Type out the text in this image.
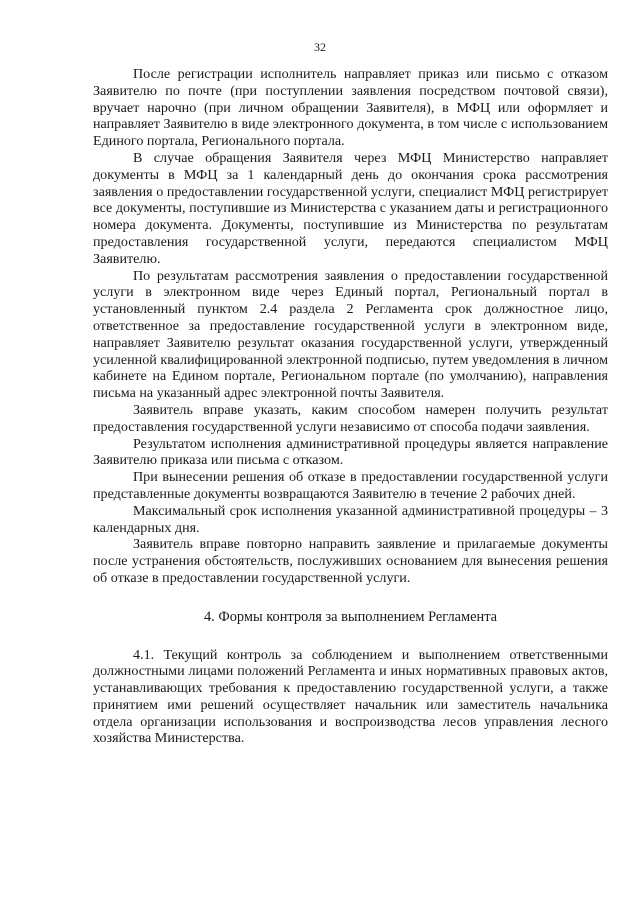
32

После регистрации исполнитель направляет приказ или письмо с отказом Заявителю по почте (при поступлении заявления посредством почтовой связи), вручает нарочно (при личном обращении Заявителя), в МФЦ или оформляет и направляет Заявителю в виде электронного документа, в том числе с использованием Единого портала, Регионального портала.

В случае обращения Заявителя через МФЦ Министерство направляет документы в МФЦ за 1 календарный день до окончания срока рассмотрения заявления о предоставлении государственной услуги, специалист МФЦ регистрирует все документы, поступившие из Министерства с указанием даты и регистрационного номера документа. Документы, поступившие из Министерства по результатам предоставления государственной услуги, передаются специалистом МФЦ Заявителю.

По результатам рассмотрения заявления о предоставлении государственной услуги в электронном виде через Единый портал, Региональный портал в установленный пунктом 2.4 раздела 2 Регламента срок должностное лицо, ответственное за предоставление государственной услуги в электронном виде, направляет Заявителю результат оказания государственной услуги, утвержденный усиленной квалифицированной электронной подписью, путем уведомления в личном кабинете на Едином портале, Региональном портале (по умолчанию), направления письма на указанный адрес электронной почты Заявителя.

Заявитель вправе указать, каким способом намерен получить результат предоставления государственной услуги независимо от способа подачи заявления.

Результатом исполнения административной процедуры является направление Заявителю приказа или письма с отказом.

При вынесении решения об отказе в предоставлении государственной услуги представленные документы возвращаются Заявителю в течение 2 рабочих дней.

Максимальный срок исполнения указанной административной процедуры – 3 календарных дня.

Заявитель вправе повторно направить заявление и прилагаемые документы после устранения обстоятельств, послуживших основанием для вынесения решения об отказе в предоставлении государственной услуги.

4. Формы контроля за выполнением Регламента

4.1. Текущий контроль за соблюдением и выполнением ответственными должностными лицами положений Регламента и иных нормативных правовых актов, устанавливающих требования к предоставлению государственной услуги, а также принятием ими решений осуществляет начальник или заместитель начальника отдела организации использования и воспроизводства лесов управления лесного хозяйства Министерства.
